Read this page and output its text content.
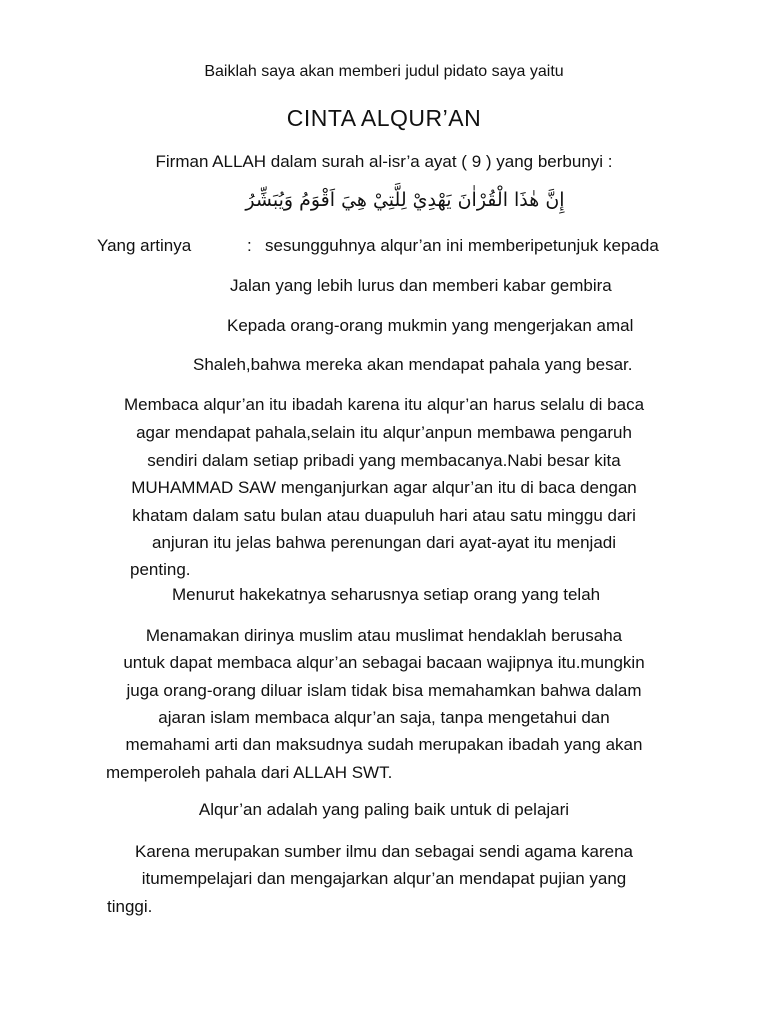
Baiklah saya akan memberi judul pidato saya yaitu
CINTA ALQUR’AN
Firman ALLAH dalam surah al-isr’a ayat ( 9 ) yang berbunyi :
إِنَّ هٰذَا الْقُرْاٰنَ يَهْدِيْ لِلَّتِيْ هِيَ اَقْوَمُ وَيُبَشِّرُ
Yang artinya	: sesungguhnya alqur’an ini memberipetunjuk kepada
Jalan yang lebih lurus dan memberi kabar gembira
Kepada orang-orang mukmin yang mengerjakan amal
Shaleh,bahwa mereka akan mendapat pahala yang besar.
Membaca alqur’an itu ibadah karena itu alqur’an harus selalu di baca
agar mendapat pahala,selain itu alqur’anpun membawa pengaruh
sendiri dalam setiap pribadi yang membacanya.Nabi besar kita
MUHAMMAD SAW menganjurkan agar alqur’an itu di baca dengan
khatam dalam satu bulan atau duapuluh hari atau satu minggu dari
anjuran itu jelas bahwa perenungan dari ayat-ayat itu menjadi
penting.
Menurut hakekatnya seharusnya setiap orang yang telah
Menamakan dirinya muslim atau muslimat hendaklah berusaha
untuk dapat membaca alqur’an sebagai bacaan wajipnya itu.mungkin
juga orang-orang diluar islam tidak bisa memahamkan bahwa dalam
ajaran islam membaca alqur’an saja, tanpa mengetahui dan
memahami arti dan maksudnya sudah merupakan ibadah yang akan
memperoleh pahala dari ALLAH SWT.
Alqur’an adalah yang paling baik untuk di pelajari
Karena merupakan sumber ilmu dan sebagai sendi agama karena
itumempelajari dan mengajarkan alqur’an mendapat pujian yang
tinggi.
